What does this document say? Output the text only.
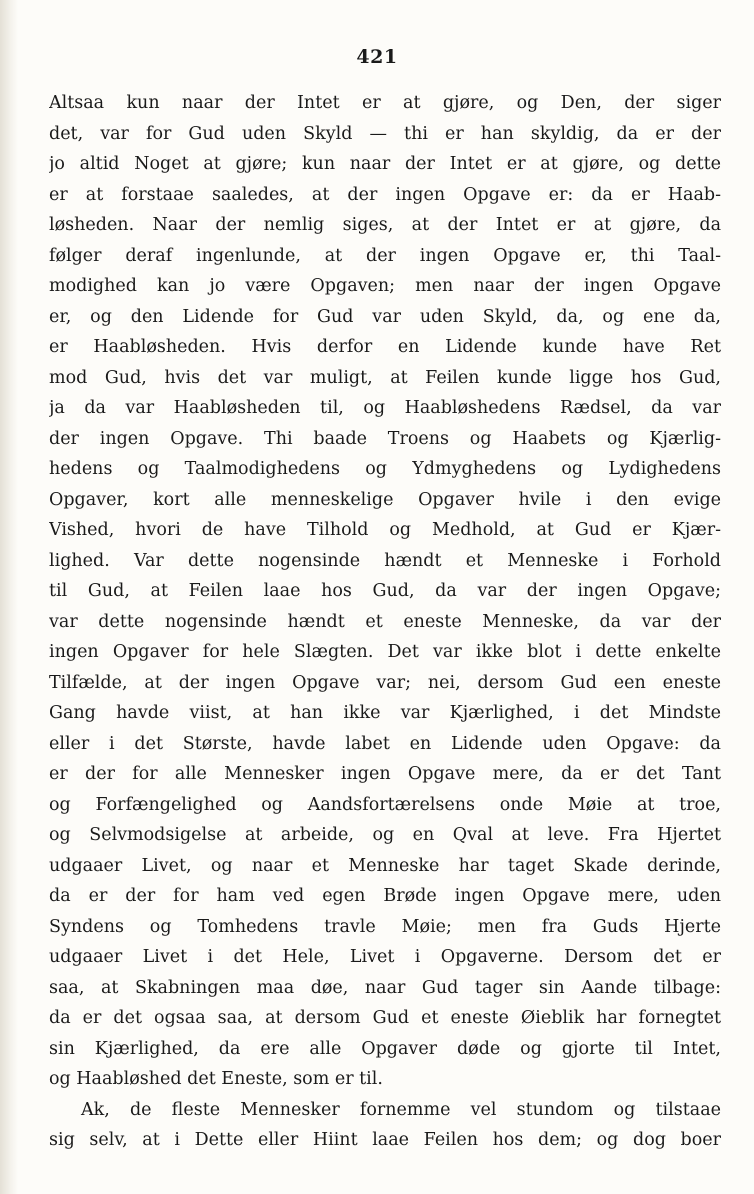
421
Altsaa kun naar der Intet er at gjøre, og Den, der siger
det, var for Gud uden Skyld — thi er han skyldig, da er der
jo altid Noget at gjøre; kun naar der Intet er at gjøre, og dette
er at forstaae saaledes, at der ingen Opgave er: da er Haab-
løsheden. Naar der nemlig siges, at der Intet er at gjøre, da
følger deraf ingenlunde, at der ingen Opgave er, thi Taal-
modighed kan jo være Opgaven; men naar der ingen Opgave
er, og den Lidende for Gud var uden Skyld, da, og ene da,
er Haabløsheden. Hvis derfor en Lidende kunde have Ret
mod Gud, hvis det var muligt, at Feilen kunde ligge hos Gud,
ja da var Haabløsheden til, og Haabløshedens Rædsel, da var
der ingen Opgave. Thi baade Troens og Haabets og Kjærlig-
hedens og Taalmodighedens og Ydmyghedens og Lydighedens
Opgaver, kort alle menneskelige Opgaver hvile i den evige
Vished, hvori de have Tilhold og Medhold, at Gud er Kjær-
lighed. Var dette nogensinde hændt et Menneske i Forhold
til Gud, at Feilen laae hos Gud, da var der ingen Opgave;
var dette nogensinde hændt et eneste Menneske, da var der
ingen Opgaver for hele Slægten. Det var ikke blot i dette enkelte
Tilfælde, at der ingen Opgave var; nei, dersom Gud een eneste
Gang havde viist, at han ikke var Kjærlighed, i det Mindste
eller i det Største, havde labet en Lidende uden Opgave: da
er der for alle Mennesker ingen Opgave mere, da er det Tant
og Forfængelighed og Aandsfortærelsens onde Møie at troe,
og Selvmodsigelse at arbeide, og en Qval at leve. Fra Hjertet
udgaaer Livet, og naar et Menneske har taget Skade derinde,
da er der for ham ved egen Brøde ingen Opgave mere, uden
Syndens og Tomhedens travle Møie; men fra Guds Hjerte
udgaaer Livet i det Hele, Livet i Opgaverne. Dersom det er
saa, at Skabningen maa døe, naar Gud tager sin Aande tilbage:
da er det ogsaa saa, at dersom Gud et eneste Øieblik har fornegtet
sin Kjærlighed, da ere alle Opgaver døde og gjorte til Intet,
og Haabløshed det Eneste, som er til.
Ak, de fleste Mennesker fornemme vel stundom og tilstaae
sig selv, at i Dette eller Hiint laae Feilen hos dem; og dog boer
